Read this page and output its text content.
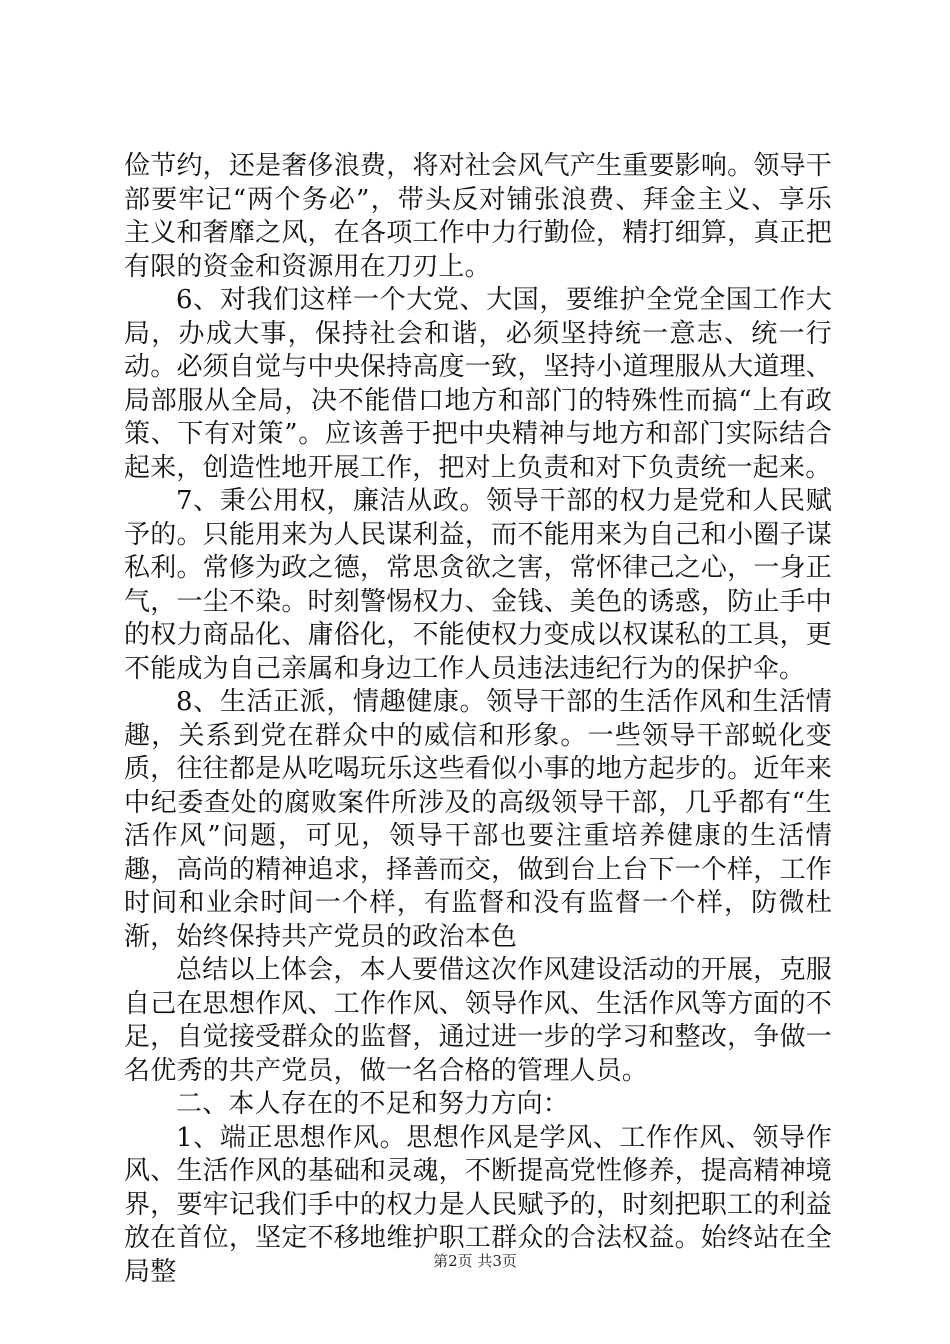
俭节约，还是奢侈浪费，将对社会风气产生重要影响。领导干部要牢记“两个务必”，带头反对铺张浪费、拜金主义、享乐主义和奢靡之风，在各项工作中力行勤俭，精打细算，真正把有限的资金和资源用在刀刃上。

6、对我们这样一个大党、大国，要维护全党全国工作大局，办成大事，保持社会和谐，必须坚持统一意志、统一行动。必须自觉与中央保持高度一致，坚持小道理服从大道理、局部服从全局，决不能借口地方和部门的特殊性而搞“上有政策、下有对策”。应该善于把中央精神与地方和部门实际结合起来，创造性地开展工作，把对上负责和对下负责统一起来。

7、秉公用权，廉洁从政。领导干部的权力是党和人民赋予的。只能用来为人民谋利益，而不能用来为自己和小圈子谋私利。常修为政之德，常思贪欲之害，常怀律己之心，一身正气，一尘不染。时刻警惕权力、金钱、美色的诱惑，防止手中的权力商品化、庸俗化，不能使权力变成以权谋私的工具，更不能成为自己亲属和身边工作人员违法违纪行为的保护伞。

8、生活正派，情趣健康。领导干部的生活作风和生活情趣，关系到党在群众中的威信和形象。一些领导干部蜕化变质，往往都是从吃喝玩乐这些看似小事的地方起步的。近年来中纪委查处的腐败案件所涉及的高级领导干部，几乎都有“生活作风”问题，可见，领导干部也要注重培养健康的生活情趣，高尚的精神追求，择善而交，做到台上台下一个样，工作时间和业余时间一个样，有监督和没有监督一个样，防微杜渐，始终保持共产党员的政治本色

总结以上体会，本人要借这次作风建设活动的开展，克服自己在思想作风、工作作风、领导作风、生活作风等方面的不足，自觉接受群众的监督，通过进一步的学习和整改，争做一名优秀的共产党员，做一名合格的管理人员。

二、本人存在的不足和努力方向：

1、端正思想作风。思想作风是学风、工作作风、领导作风、生活作风的基础和灵魂，不断提高党性修养，提高精神境界，要牢记我们手中的权力是人民赋予的，时刻把职工的利益放在首位，坚定不移地维护职工群众的合法权益。始终站在全局整	第2页 共3页
